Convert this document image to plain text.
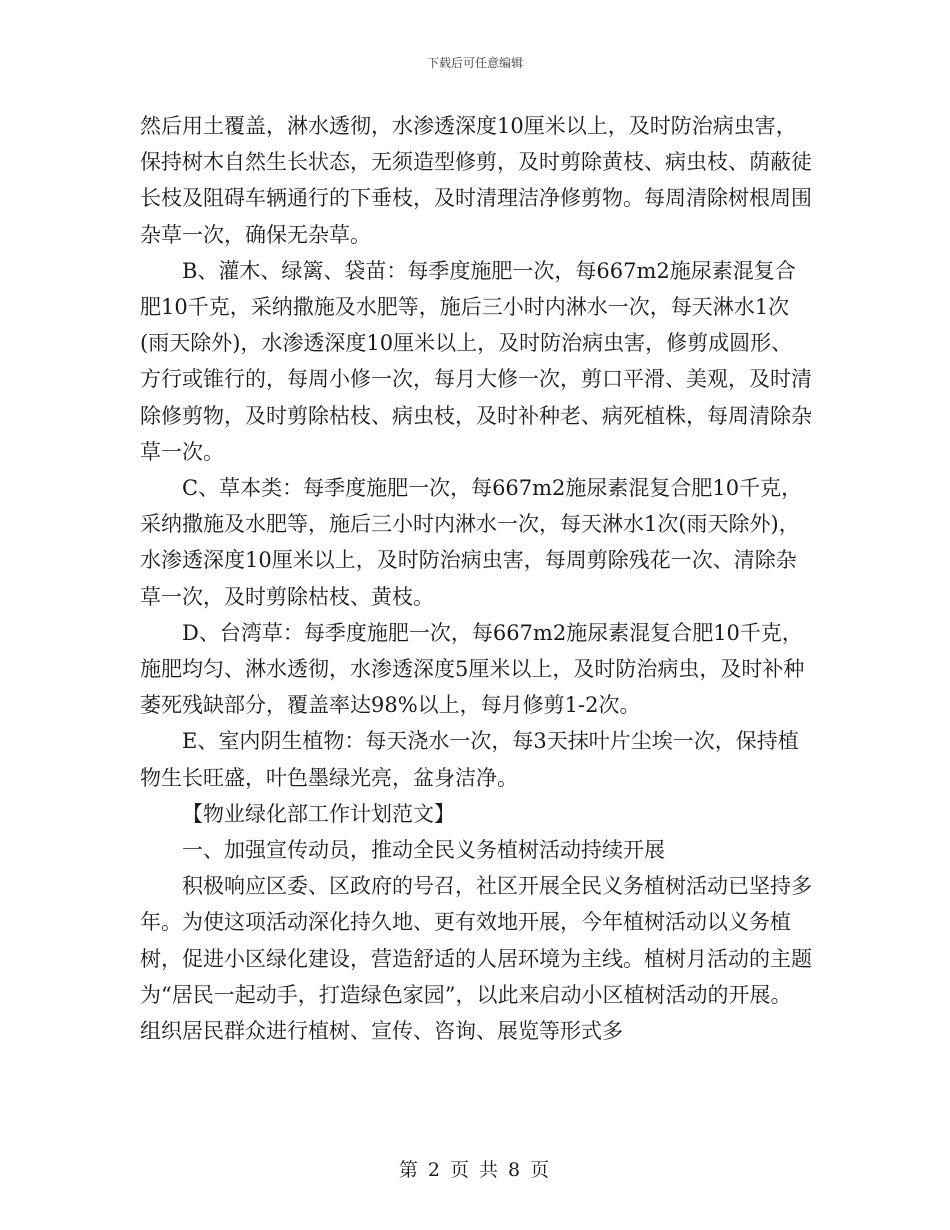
下载后可任意编辑

然后用土覆盖，淋水透彻，水渗透深度10厘米以上，及时防治病虫害，保持树木自然生长状态，无须造型修剪，及时剪除黄枝、病虫枝、荫蔽徒长枝及阻碍车辆通行的下垂枝，及时清理洁净修剪物。每周清除树根周围杂草一次，确保无杂草。

B、灌木、绿篱、袋苗：每季度施肥一次，每667m2施尿素混复合肥10千克，采纳撒施及水肥等，施后三小时内淋水一次，每天淋水1次(雨天除外)，水渗透深度10厘米以上，及时防治病虫害，修剪成圆形、方行或锥行的，每周小修一次，每月大修一次，剪口平滑、美观，及时清除修剪物，及时剪除枯枝、病虫枝，及时补种老、病死植株，每周清除杂草一次。

C、草本类：每季度施肥一次，每667m2施尿素混复合肥10千克，采纳撒施及水肥等，施后三小时内淋水一次，每天淋水1次(雨天除外)，水渗透深度10厘米以上，及时防治病虫害，每周剪除残花一次、清除杂草一次，及时剪除枯枝、黄枝。

D、台湾草：每季度施肥一次，每667m2施尿素混复合肥10千克，施肥均匀、淋水透彻，水渗透深度5厘米以上，及时防治病虫，及时补种萎死残缺部分，覆盖率达98%以上，每月修剪1-2次。

E、室内阴生植物：每天浇水一次，每3天抹叶片尘埃一次，保持植物生长旺盛，叶色墨绿光亮，盆身洁净。

【物业绿化部工作计划范文】

一、加强宣传动员，推动全民义务植树活动持续开展

积极响应区委、区政府的号召，社区开展全民义务植树活动已坚持多年。为使这项活动深化持久地、更有效地开展，今年植树活动以义务植树，促进小区绿化建设，营造舒适的人居环境为主线。植树月活动的主题为“居民一起动手，打造绿色家园”，以此来启动小区植树活动的开展。组织居民群众进行植树、宣传、咨询、展览等形式多

第 2 页 共 8 页
